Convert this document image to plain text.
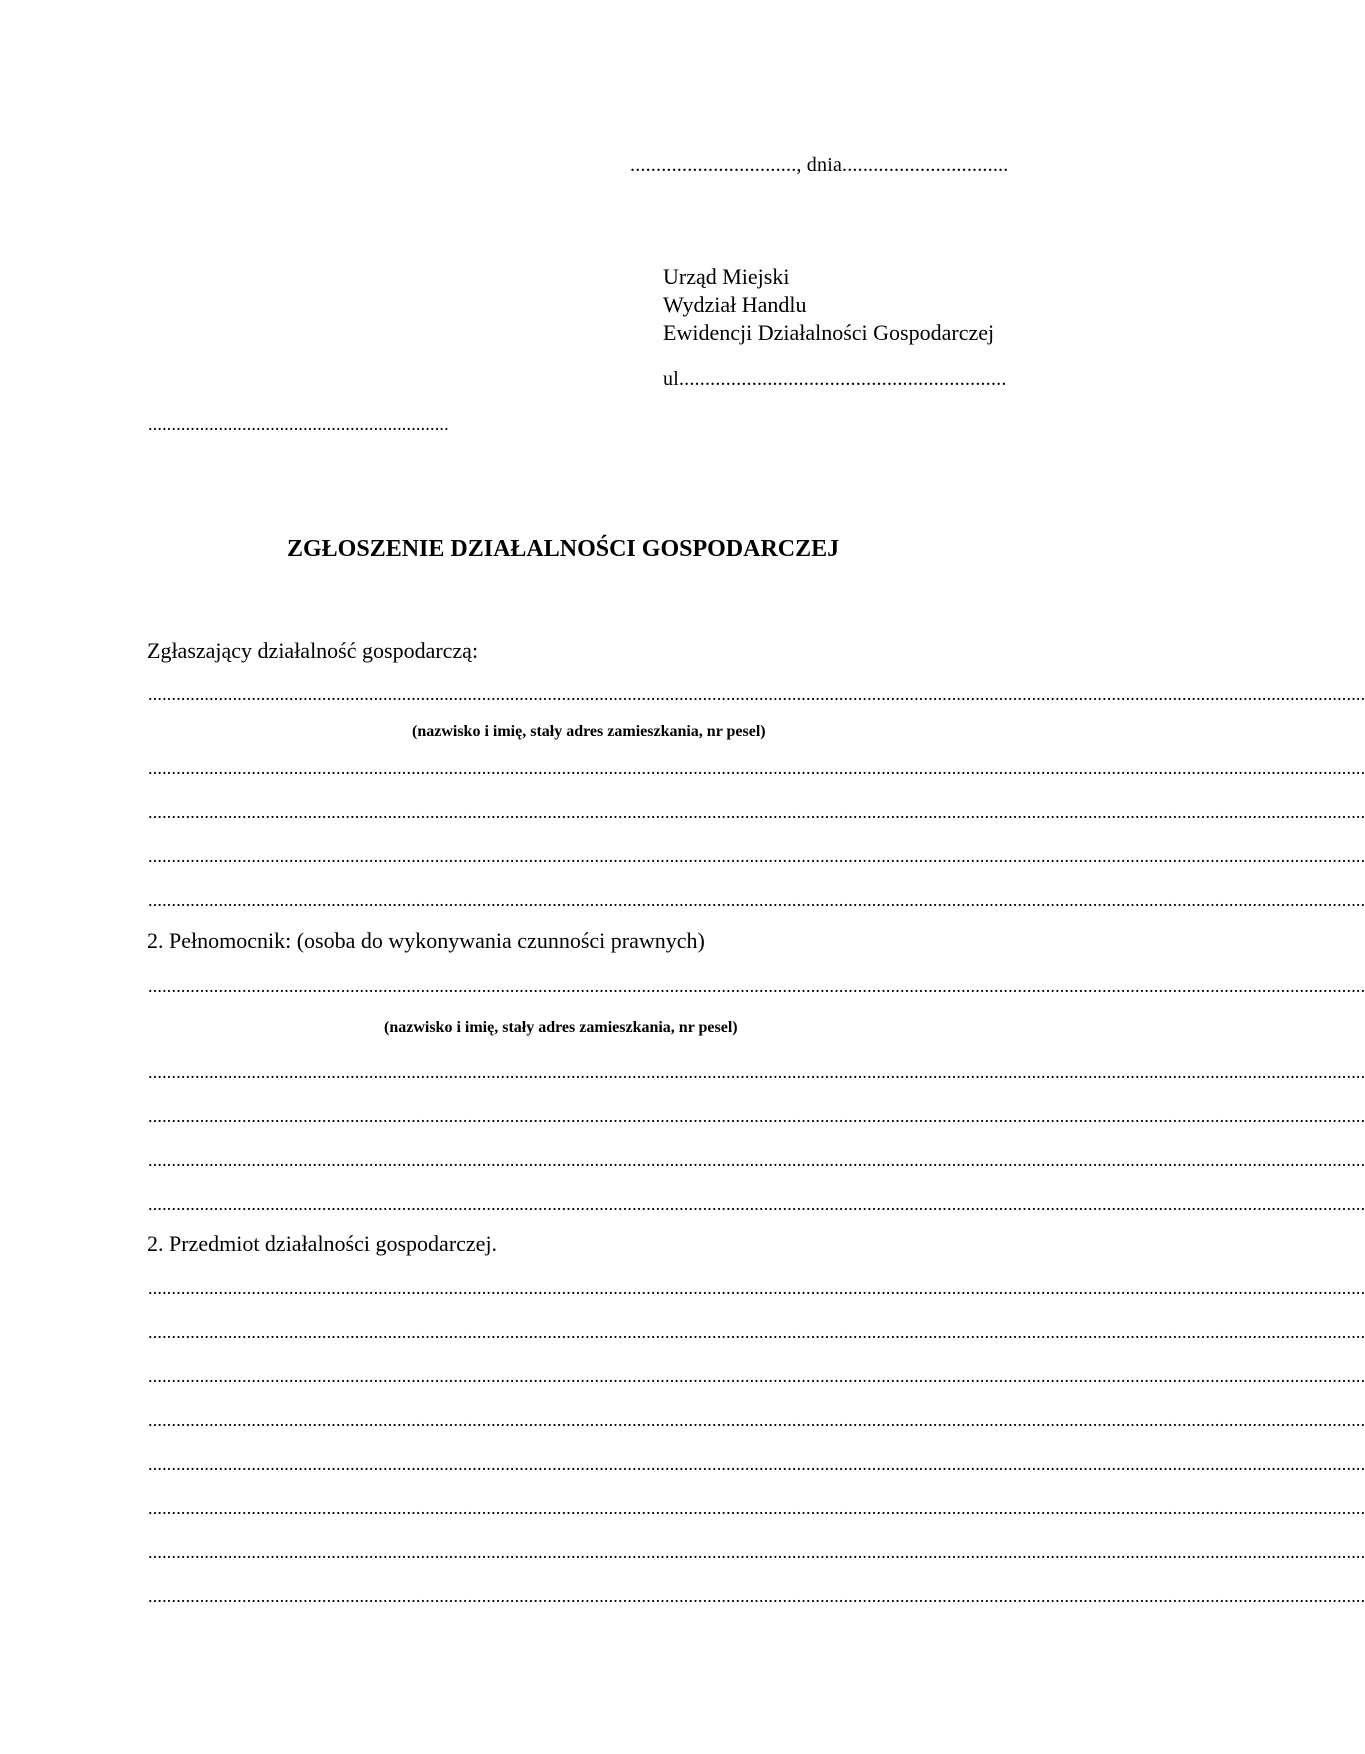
................................, dnia................................
Urząd Miejski
Wydział Handlu
Ewidencji Działalności Gospodarczej
ul...............................................................
................................................................
ZGŁOSZENIE DZIAŁALNOŚCI GOSPODARCZEJ
Zgłaszający działalność gospodarczą:
...................................................................................................................................................................................................................................................................
(nazwisko i imię, stały adres zamieszkania, nr pesel)
...................................................................................................................................................................................................................................................................
...................................................................................................................................................................................................................................................................
...................................................................................................................................................................................................................................................................
...................................................................................................................................................................................................................................................................
2. Pełnomocnik: (osoba do wykonywania czunności prawnych)
...................................................................................................................................................................................................................................................................
(nazwisko i imię, stały adres zamieszkania, nr pesel)
...................................................................................................................................................................................................................................................................
...................................................................................................................................................................................................................................................................
...................................................................................................................................................................................................................................................................
...................................................................................................................................................................................................................................................................
2. Przedmiot działalności gospodarczej.
...................................................................................................................................................................................................................................................................
...................................................................................................................................................................................................................................................................
...................................................................................................................................................................................................................................................................
...................................................................................................................................................................................................................................................................
...................................................................................................................................................................................................................................................................
...................................................................................................................................................................................................................................................................
...................................................................................................................................................................................................................................................................
...................................................................................................................................................................................................................................................................
